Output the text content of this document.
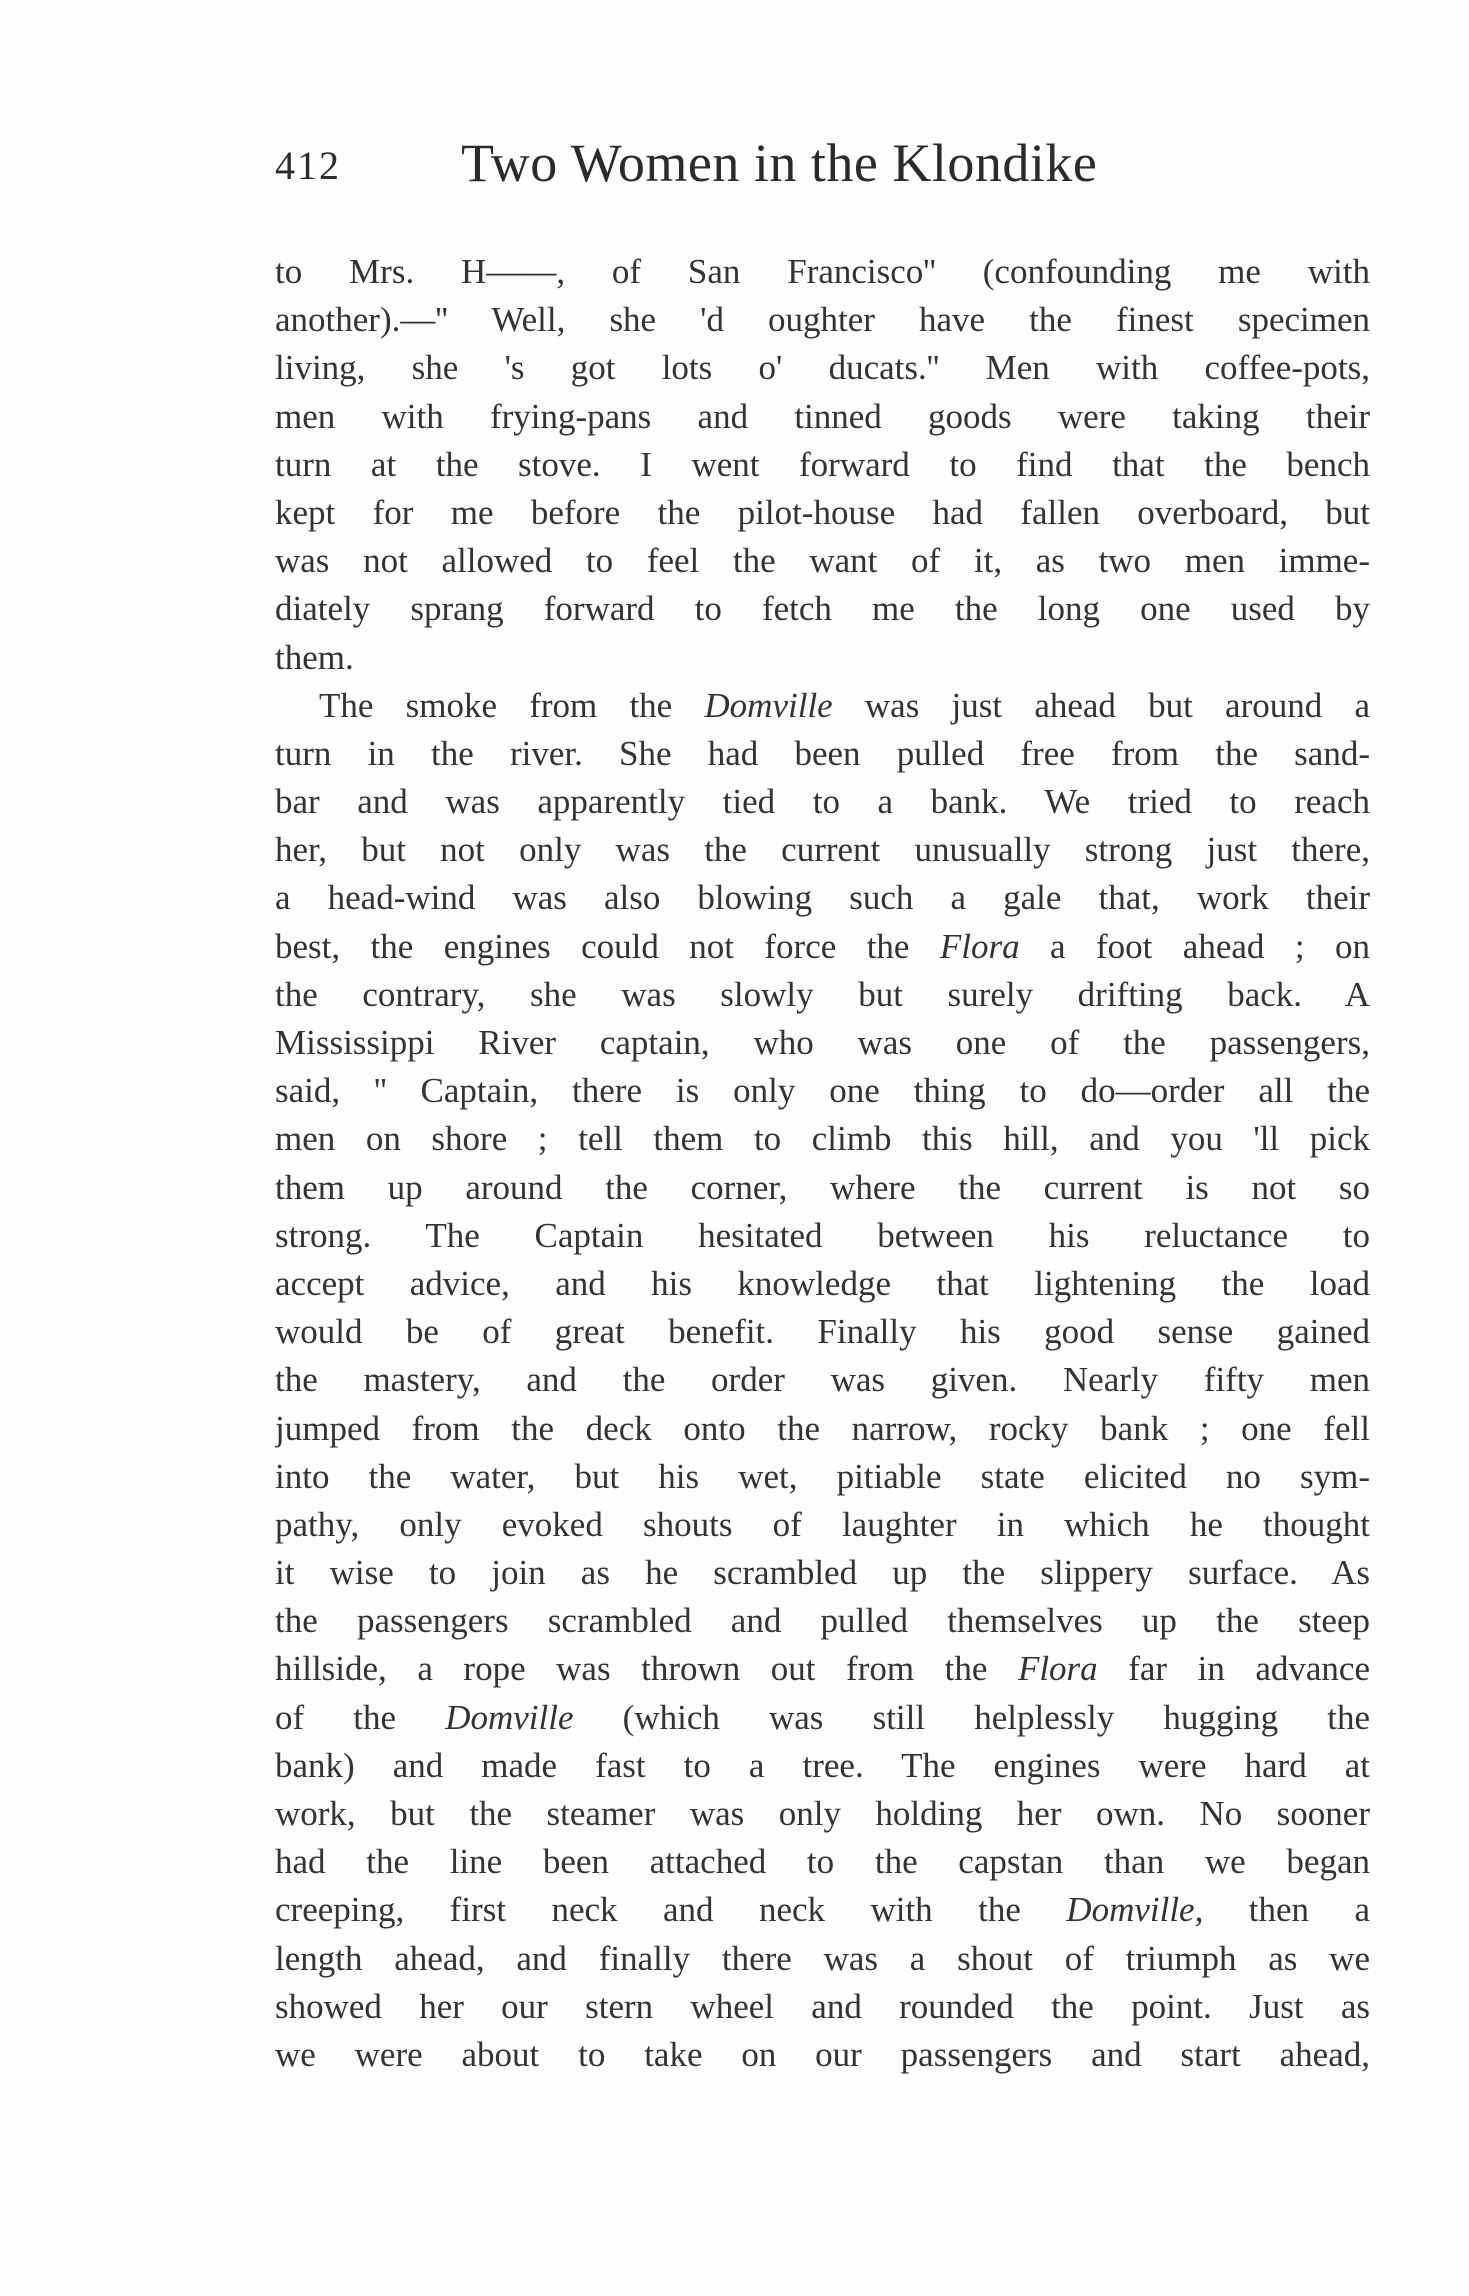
412 Two Women in the Klondike
to Mrs. H——, of San Francisco'' (confounding me with
another).—'' Well, she 'd oughter have the finest specimen
living, she 's got lots o' ducats.'' Men with coffee-pots,
men with frying-pans and tinned goods were taking their
turn at the stove. I went forward to find that the bench
kept for me before the pilot-house had fallen overboard, but
was not allowed to feel the want of it, as two men imme-
diately sprang forward to fetch me the long one used by
them.
The smoke from the Domville was just ahead but around a
turn in the river. She had been pulled free from the sand-
bar and was apparently tied to a bank. We tried to reach
her, but not only was the current unusually strong just there,
a head-wind was also blowing such a gale that, work their
best, the engines could not force the Flora a foot ahead ; on
the contrary, she was slowly but surely drifting back. A
Mississippi River captain, who was one of the passengers,
said, '' Captain, there is only one thing to do—order all the
men on shore ; tell them to climb this hill, and you 'll pick
them up around the corner, where the current is not so
strong. The Captain hesitated between his reluctance to
accept advice, and his knowledge that lightening the load
would be of great benefit. Finally his good sense gained
the mastery, and the order was given. Nearly fifty men
jumped from the deck onto the narrow, rocky bank ; one fell
into the water, but his wet, pitiable state elicited no sym-
pathy, only evoked shouts of laughter in which he thought
it wise to join as he scrambled up the slippery surface. As
the passengers scrambled and pulled themselves up the steep
hillside, a rope was thrown out from the Flora far in advance
of the Domville (which was still helplessly hugging the
bank) and made fast to a tree. The engines were hard at
work, but the steamer was only holding her own. No sooner
had the line been attached to the capstan than we began
creeping, first neck and neck with the Domville, then a
length ahead, and finally there was a shout of triumph as we
showed her our stern wheel and rounded the point. Just as
we were about to take on our passengers and start ahead,
